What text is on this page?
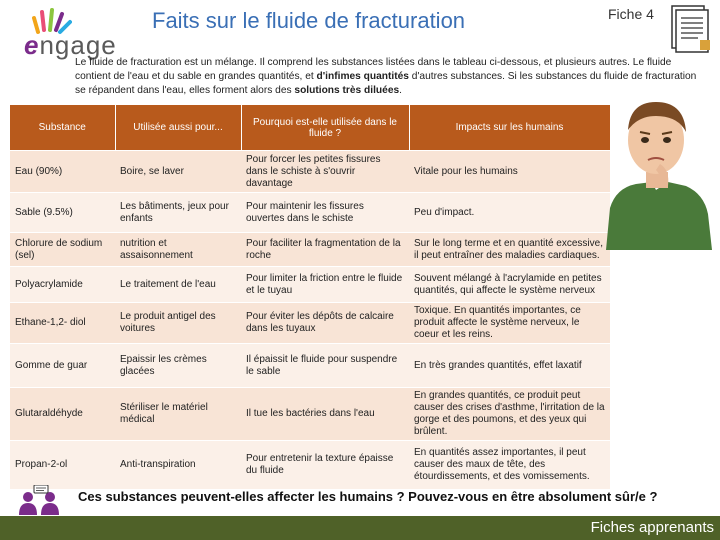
engage
Faits sur le fluide de fracturation	Fiche 4
Le fluide de fracturation est un mélange. Il comprend les substances listées dans le tableau ci-dessous, et plusieurs autres. Le fluide contient de l'eau et du sable en grandes quantités, et d'infimes quantités d'autres substances. Si les substances du fluide de fracturation se répandent dans l'eau, elles forment alors des solutions très diluées.
Substance	Utilisée aussi pour...	Pourquoi est-elle utilisée dans le fluide ?	Impacts sur les humains
Eau (90%)	Boire, se laver	Pour forcer les petites fissures dans le schiste à s'ouvrir davantage	Vitale pour les humains
Sable (9.5%)	Les bâtiments, jeux pour enfants	Pour maintenir les fissures ouvertes dans le schiste	Peu d'impact.
Chlorure de sodium (sel)	nutrition et assaisonnement	Pour faciliter la fragmentation de la roche	Sur le long terme et en quantité excessive, il peut entraîner des maladies cardiaques.
Polyacrylamide	Le traitement de l'eau	Pour limiter la friction entre le fluide et le tuyau	Souvent mélangé à l'acrylamide en petites quantités, qui affecte le système nerveux
Ethane-1,2- diol	Le produit antigel des voitures	Pour éviter les dépôts de calcaire dans les tuyaux	Toxique. En quantités importantes, ce produit affecte le système nerveux, le coeur et les reins.
Gomme de guar	Epaissir les crèmes glacées	Il épaissit le fluide pour suspendre le sable	En très grandes quantités, effet laxatif
Glutaraldéhyde	Stériliser le matériel médical	Il tue les bactéries dans l'eau	En grandes quantités, ce produit peut causer des crises d'asthme, l'irritation de la gorge et des poumons, et des yeux qui brûlent.
Propan-2-ol	Anti-transpiration	Pour entretenir la texture épaisse du fluide	En quantités assez importantes, il peut causer des maux de tête, des étourdissements, et des vomissements.
Ces substances peuvent-elles affecter les humains ? Pouvez-vous en être absolument sûr/e ?
Fiches apprenants
